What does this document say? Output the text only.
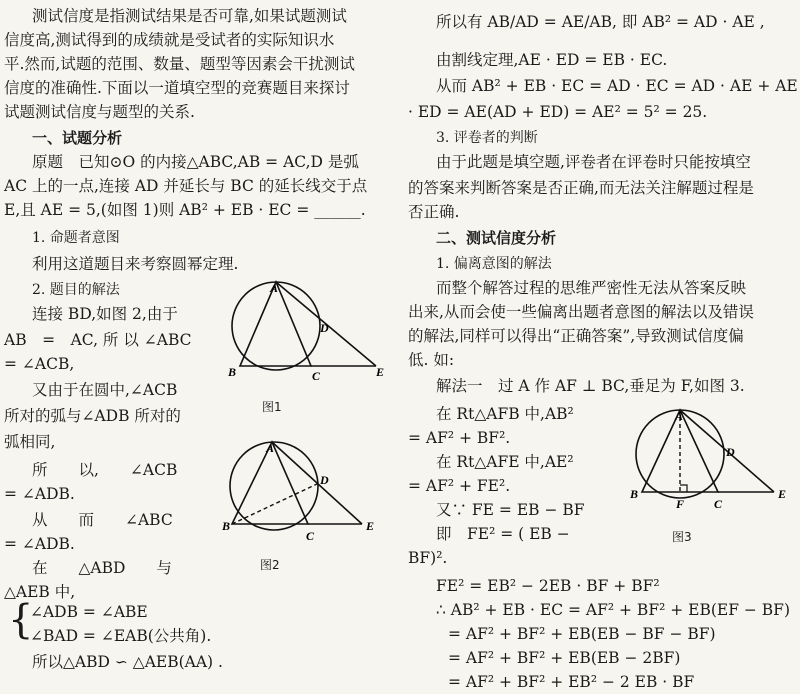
测试信度是指测试结果是否可靠,如果试题测试
信度高,测试得到的成绩就是受试者的实际知识水
平.然而,试题的范围、数量、题型等因素会干扰测试
信度的准确性.下面以一道填空型的竞赛题目来探讨
试题测试信度与题型的关系.
一、试题分析
原题　已知⊙O 的内接△ABC,AB = AC,D 是弧
AC 上的一点,连接 AD 并延长与 BC 的延长线交于点
E,且 AE = 5,(如图 1)则 AB² + EB · EC = ______.
1. 命题者意图
利用这道题目来考察圆幂定理.
2. 题目的解法
连接 BD,如图 2,由于
AB　=　AC, 所 以 ∠ABC
= ∠ACB,
又由于在圆中,∠ACB
所对的弧与∠ADB 所对的
弧相同,
所　　以,　　∠ACB
= ∠ADB.
从　　而　　∠ABC
= ∠ADB.
在　　△ABD　　与
△AEB 中,
{
∠ADB = ∠ABE
∠BAD = ∠EAB(公共角).
所以△ABD ∽ △AEB(AA) .
A
B	C
D
E
图1
A
B
C
D
E
图2
所以有 AB/AD = AE/AB, 即 AB² = AD · AE ,
由割线定理,AE · ED = EB · EC.
从而 AB² + EB · EC = AD · EC = AD · AE + AE
· ED = AE(AD + ED) = AE² = 5² = 25.
3. 评卷者的判断
由于此题是填空题,评卷者在评卷时只能按填空
的答案来判断答案是否正确,而无法关注解题过程是
否正确.
二、测试信度分析
1. 偏离意图的解法
而整个解答过程的思维严密性无法从答案反映
出来,从而会使一些偏离出题者意图的解法以及错误
的解法,同样可以得出“正确答案”,导致测试信度偏
低. 如:
解法一　过 A 作 AF ⊥ BC,垂足为 F,如图 3.
在 Rt△AFB 中,AB²
= AF² + BF².
在 Rt△AFE 中,AE²
= AF² + FE².
又∵ FE = EB − BF
即　FE² = ( EB −
BF)².
FE² = EB² − 2EB · BF + BF²
∴ AB² + EB · EC = AF² + BF² + EB(EF − BF)
= AF² + BF² + EB(EB − BF − BF)
= AF² + BF² + EB(EB − 2BF)
= AF² + BF² + EB² − 2 EB · BF
A
B
F C
D
E
图3
